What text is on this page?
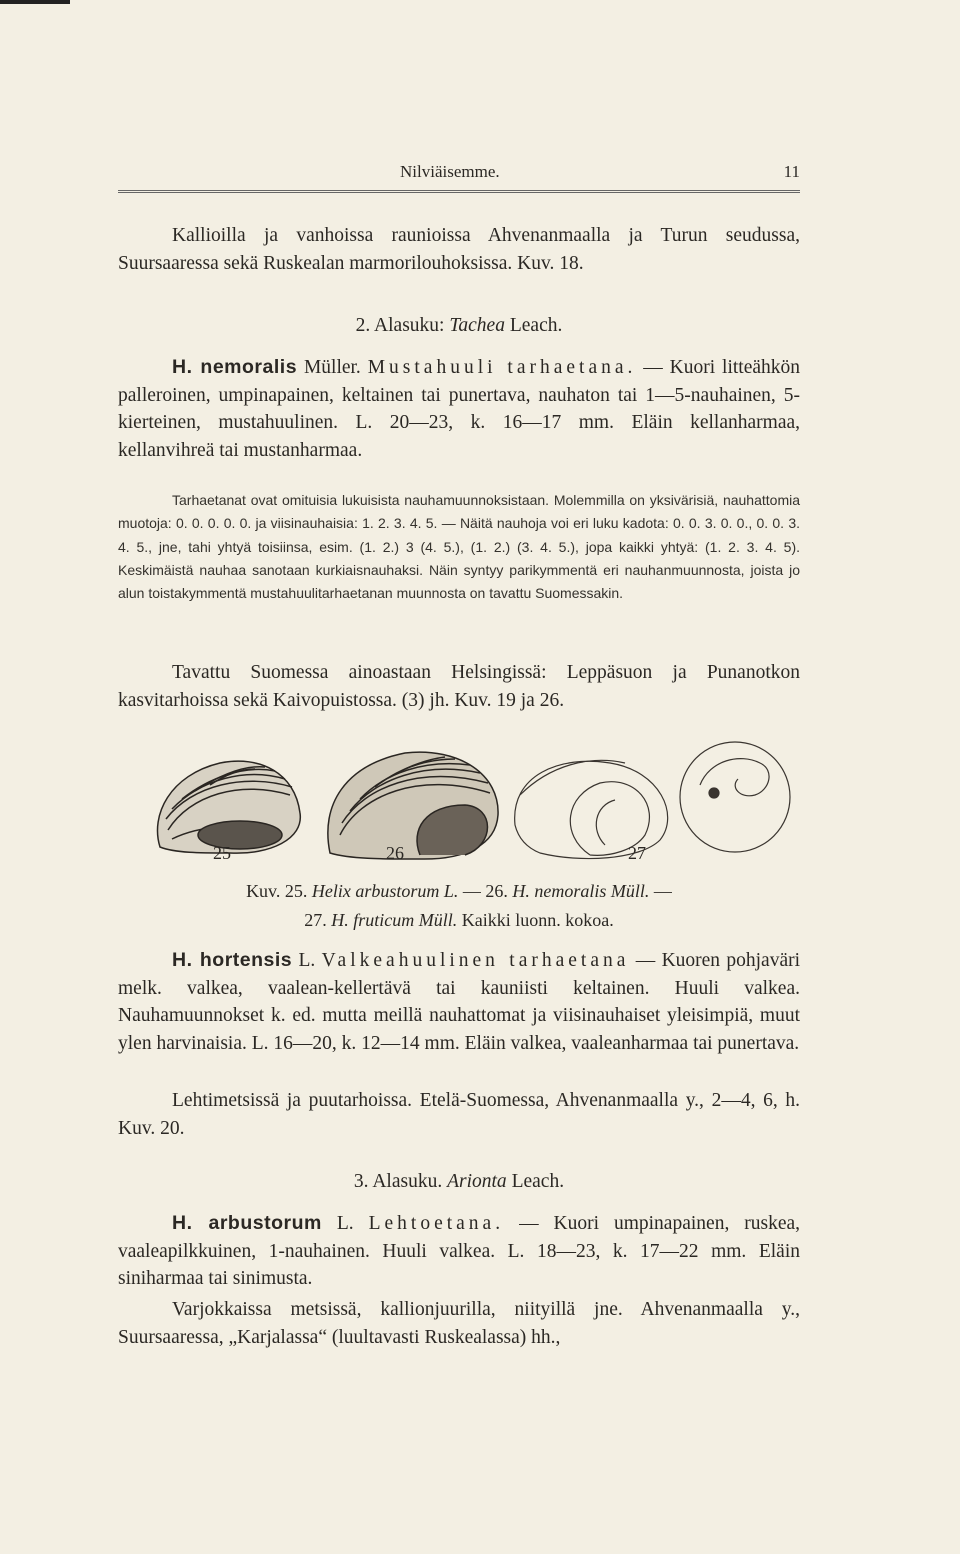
Nilviäisemme.	11

Kallioilla ja vanhoissa raunioissa Ahvenanmaalla ja Turun seudussa, Suursaaressa sekä Ruskealan marmorilouhoksissa. Kuv. 18.

2. Alasuku: Tachea Leach.

H. nemoralis Müller. Mustahuuli tarhaetana. — Kuori litteähkön palleroinen, umpinapainen, keltainen tai punertava, nauhaton tai 1—5-nauhainen, 5-kierteinen, mustahuulinen. L. 20—23, k. 16—17 mm. Eläin kellanharmaa, kellanvihreä tai mustanharmaa.

Tarhaetanat ovat omituisia lukuisista nauhamuunnoksistaan. Molemmilla on yksivärisiä, nauhattomia muotoja: 0. 0. 0. 0. 0. ja viisinauhaisia: 1. 2. 3. 4. 5. — Näitä nauhoja voi eri luku kadota: 0. 0. 3. 0. 0., 0. 0. 3. 4. 5., jne, tahi yhtyä toisiinsa, esim. (1. 2.) 3 (4. 5.), (1. 2.) (3. 4. 5.), jopa kaikki yhtyä: (1. 2. 3. 4. 5). Keskimäistä nauhaa sanotaan kurkiaisnauhaksi. Näin syntyy parikymmentä eri nauhanmuunnosta, joista jo alun toistakymmentä mustahuulitarhaetanan muunnosta on tavattu Suomessakin.

Tavattu Suomessa ainoastaan Helsingissä: Leppäsuon ja Punanotkon kasvitarhoissa sekä Kaivopuistossa. (3) jh. Kuv. 19 ja 26.

25	26	27
Kuv. 25. Helix arbustorum L. — 26. H. nemoralis Müll. —
27. H. fruticum Müll. Kaikki luonn. kokoa.

H. hortensis L. Valkeahuulinen tarhaetana — Kuoren pohjaväri melk. valkea, vaalean-kellertävä tai kauniisti keltainen. Huuli valkea. Nauhamuunnokset k. ed. mutta meillä nauhattomat ja viisinauhaiset yleisimpiä, muut ylen harvinaisia. L. 16—20, k. 12—14 mm. Eläin valkea, vaaleanharmaa tai punertava.

Lehtimetsissä ja puutarhoissa. Etelä-Suomessa, Ahvenanmaalla y., 2—4, 6, h. Kuv. 20.

3. Alasuku. Arionta Leach.

H. arbustorum L. Lehtoetana. — Kuori umpinapainen, ruskea, vaaleapilkkuinen, 1-nauhainen. Huuli valkea. L. 18—23, k. 17—22 mm. Eläin siniharmaa tai sinimusta.

Varjokkaissa metsissä, kallionjuurilla, niityillä jne. Ahvenanmaalla y., Suursaaressa, „Karjalassa“ (luultavasti Ruskealassa) hh.,
